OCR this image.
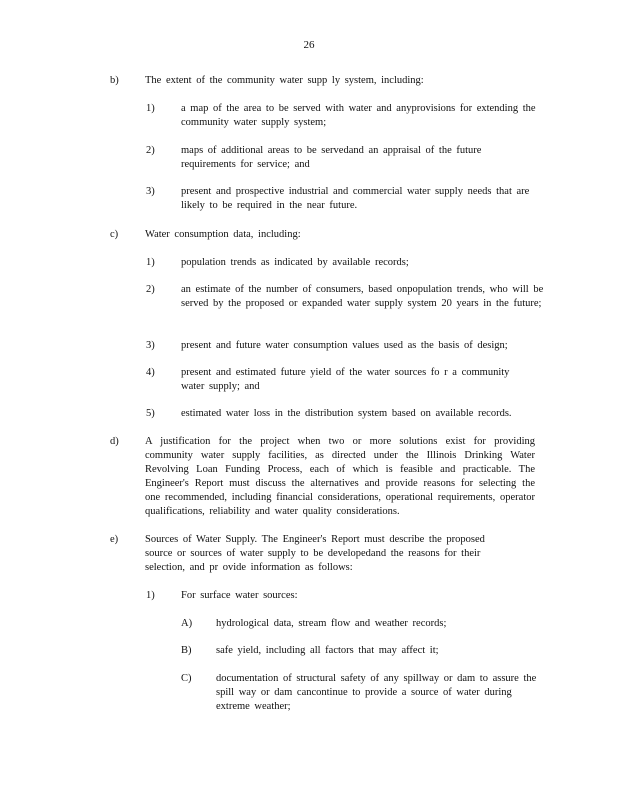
26
b)	The extent of the community water supp ly system, including:
1)	a map of the area to be served with water and anyprovisions for extending the community water supply system;
2)	maps of additional areas to be servedand an appraisal of the future requirements for service; and
3)	present and prospective industrial and commercial water supply needs that are likely to be required in the near future.
c)	Water consumption data, including:
1)	population trends as indicated by available records;
2)	an estimate of the number of consumers, based onpopulation trends, who will be served by the proposed or expanded water supply system 20 years in the future;
3)	present and future water consumption values used as the basis of design;
4)	present and estimated future yield of the water sources fo r a community water supply; and
5)	estimated water loss in the distribution system based on available records.
d)	A justification for the project when two or more solutions exist for providing community water supply facilities, as directed under the Illinois Drinking Water Revolving Loan Funding Process, each of which is feasible and practicable. The Engineer's Report must discuss the alternatives and provide reasons for selecting the one recommended, including financial considerations, operational requirements, operator qualifications, reliability and water quality considerations.
e)	Sources of Water Supply. The Engineer's Report must describe the proposed source or sources of water supply to be developedand the reasons for their selection, and pr ovide information as follows:
1)	For surface water sources:
A) hydrological data, stream flow and weather records;
B) safe yield, including all factors that may affect it;
C) documentation of structural safety of any spillway or dam to assure the spill way or dam cancontinue to provide a source of water during extreme weather;
